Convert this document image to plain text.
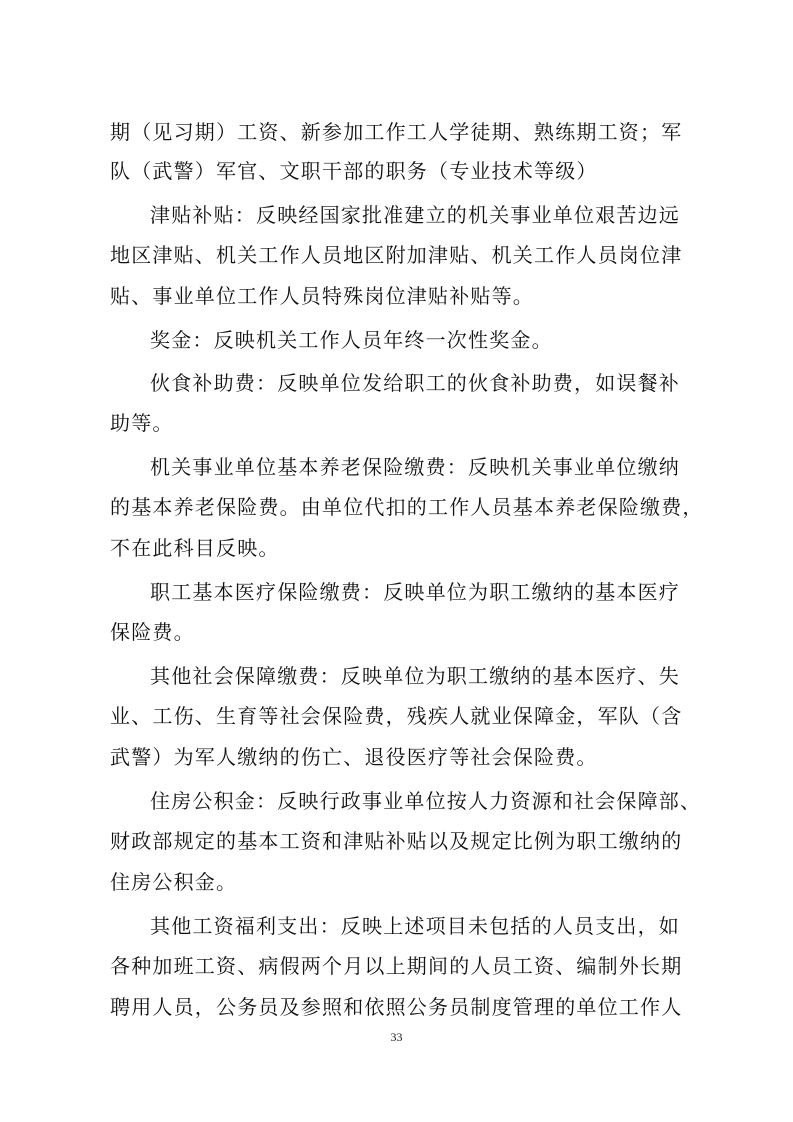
期（见习期）工资、新参加工作工人学徒期、熟练期工资；军
队（武警）军官、文职干部的职务（专业技术等级）
津贴补贴：反映经国家批准建立的机关事业单位艰苦边远
地区津贴、机关工作人员地区附加津贴、机关工作人员岗位津
贴、事业单位工作人员特殊岗位津贴补贴等。
奖金：反映机关工作人员年终一次性奖金。
伙食补助费：反映单位发给职工的伙食补助费，如误餐补
助等。
机关事业单位基本养老保险缴费：反映机关事业单位缴纳
的基本养老保险费。由单位代扣的工作人员基本养老保险缴费，
不在此科目反映。
职工基本医疗保险缴费：反映单位为职工缴纳的基本医疗
保险费。
其他社会保障缴费：反映单位为职工缴纳的基本医疗、失
业、工伤、生育等社会保险费，残疾人就业保障金，军队（含
武警）为军人缴纳的伤亡、退役医疗等社会保险费。
住房公积金：反映行政事业单位按人力资源和社会保障部、
财政部规定的基本工资和津贴补贴以及规定比例为职工缴纳的
住房公积金。
其他工资福利支出：反映上述项目未包括的人员支出，如
各种加班工资、病假两个月以上期间的人员工资、编制外长期
聘用人员，公务员及参照和依照公务员制度管理的单位工作人
33
